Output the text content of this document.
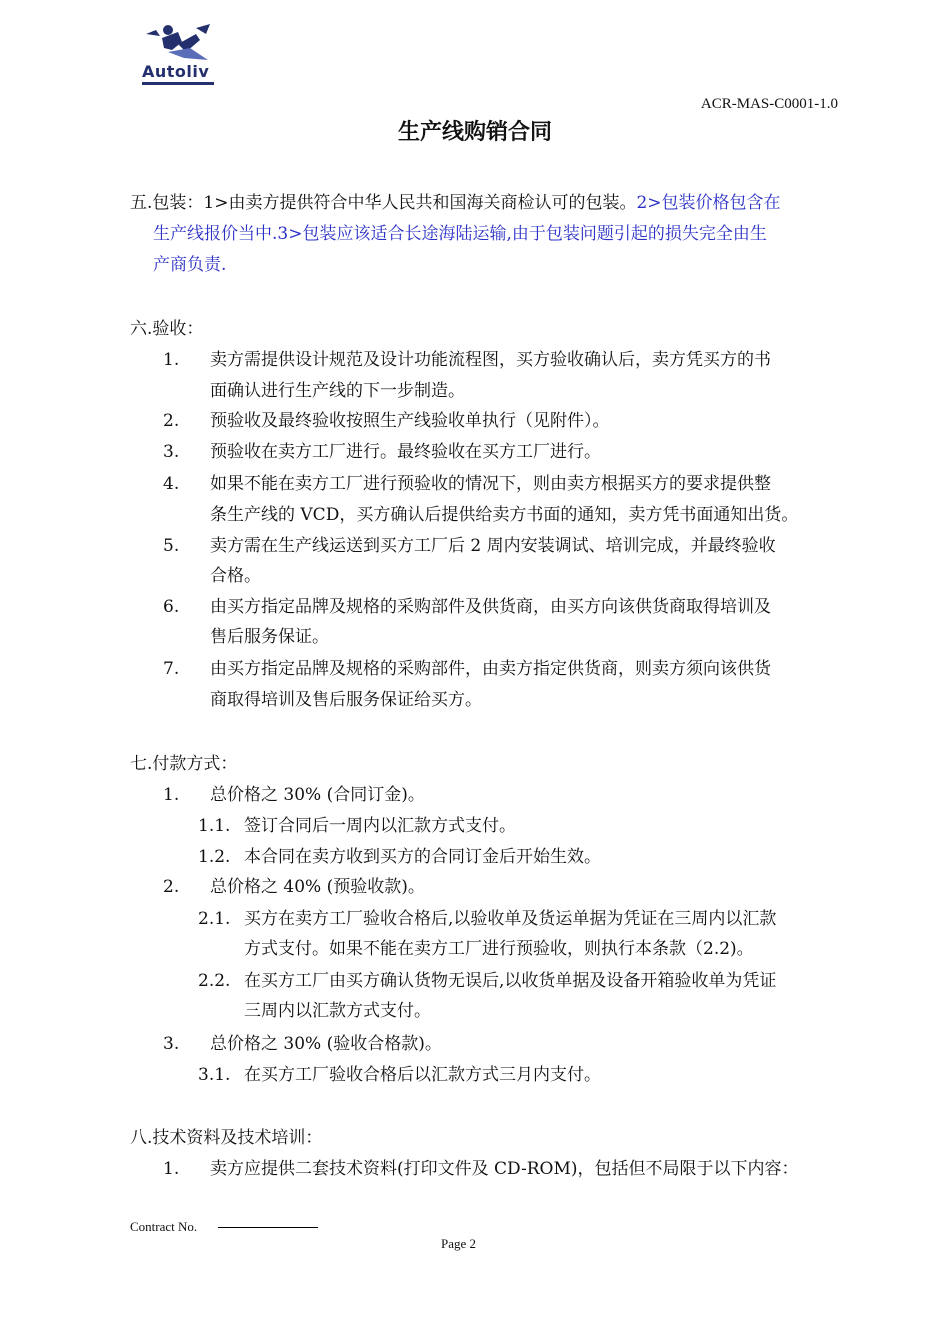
Autoliv
ACR-MAS-C0001-1.0
生产线购销合同
五.包装：1>由卖方提供符合中华人民共和国海关商检认可的包装。2>包装价格包含在
生产线报价当中.3>包装应该适合长途海陆运输,由于包装问题引起的损失完全由生
产商负责.
六.验收：
1. 卖方需提供设计规范及设计功能流程图，买方验收确认后，卖方凭买方的书
面确认进行生产线的下一步制造。
2. 预验收及最终验收按照生产线验收单执行（见附件）。
3. 预验收在卖方工厂进行。最终验收在买方工厂进行。
4. 如果不能在卖方工厂进行预验收的情况下，则由卖方根据买方的要求提供整
条生产线的 VCD，买方确认后提供给卖方书面的通知，卖方凭书面通知出货。
5. 卖方需在生产线运送到买方工厂后 2 周内安装调试、培训完成，并最终验收
合格。
6. 由买方指定品牌及规格的采购部件及供货商，由买方向该供货商取得培训及
售后服务保证。
7. 由买方指定品牌及规格的采购部件，由卖方指定供货商，则卖方须向该供货
商取得培训及售后服务保证给买方。
七.付款方式：
1. 总价格之 30% (合同订金)。
1.1. 签订合同后一周内以汇款方式支付。
1.2. 本合同在卖方收到买方的合同订金后开始生效。
2. 总价格之 40% (预验收款)。
2.1. 买方在卖方工厂验收合格后,以验收单及货运单据为凭证在三周内以汇款
方式支付。如果不能在卖方工厂进行预验收，则执行本条款（2.2)。
2.2. 在买方工厂由买方确认货物无误后,以收货单据及设备开箱验收单为凭证
三周内以汇款方式支付。
3. 总价格之 30% (验收合格款)。
3.1. 在买方工厂验收合格后以汇款方式三月内支付。
八.技术资料及技术培训：
1. 卖方应提供二套技术资料(打印文件及 CD-ROM)，包括但不局限于以下内容：
Contract No.
Page 2
